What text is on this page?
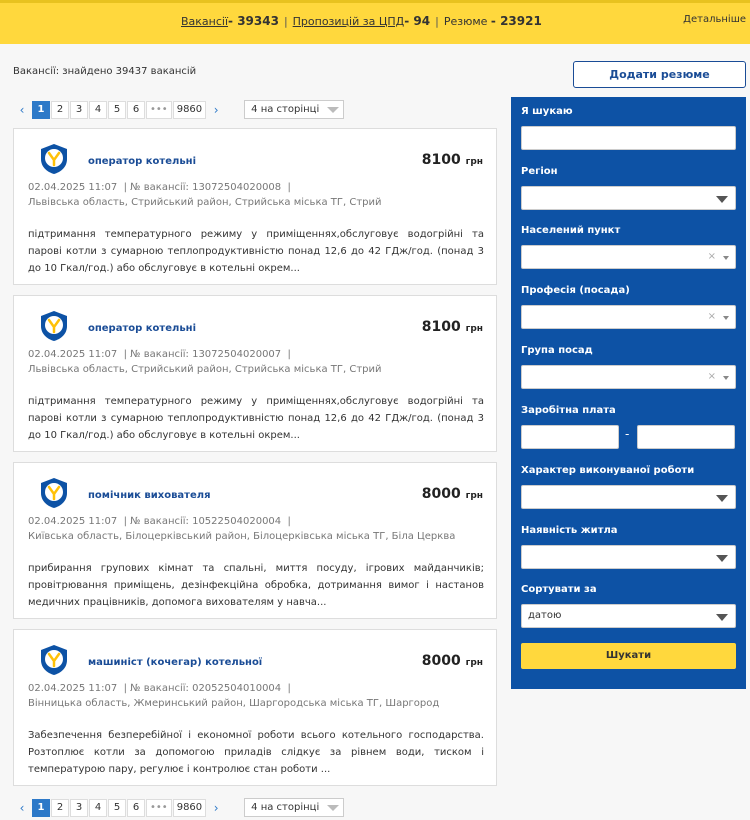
Вакансії- 39343 | Пропозицій за ЦПД- 94 | Резюме - 23921	Детальніше
Вакансії: знайдено 39437 вакансій	Додати резюме
‹	1	2	3	4	5	6	••• 9860 ›	4 на сторінці
оператор котельні	8100 грн
02.04.2025 11:07  | № вакансії: 13072504020008  |
Львівська область, Стрийський район, Стрийська міська ТГ, Стрий
підтримання температурного режиму у приміщеннях,обслуговує водогрійні та парові котли з сумарною теплопродуктивністю понад 12,6 до 42 ГДж/год. (понад 3 до 10 Гкал/год.) або обслуговує в котельні окрем...
оператор котельні	8100 грн
02.04.2025 11:07  | № вакансії: 13072504020007  |
Львівська область, Стрийський район, Стрийська міська ТГ, Стрий
підтримання температурного режиму у приміщеннях,обслуговує водогрійні та парові котли з сумарною теплопродуктивністю понад 12,6 до 42 ГДж/год. (понад 3 до 10 Гкал/год.) або обслуговує в котельні окрем...
помічник вихователя	8000 грн
02.04.2025 11:07  | № вакансії: 10522504020004  |
Київська область, Білоцерківський район, Білоцерківська міська ТГ, Біла Церква
прибирання групових кімнат та спальні, миття посуду, ігрових майданчиків; провітрювання приміщень, дезінфекційна обробка, дотримання вимог і настанов медичних працівників, допомога вихователям у навча...
машиніст (кочегар) котельної	8000 грн
02.04.2025 11:07  | № вакансії: 02052504010004  |
Вінницька область, Жмеринський район, Шаргородська міська ТГ, Шаргород
Забезпечення безперебійної і економної роботи всього котельного господарства. Розтоплює котли за допомогою приладів слідкує за рівнем води, тиском і температурою пару, регулює і контролює стан роботи ...
‹	1	2	3	4	5	6	••• 9860 ›	4 на сторінці
Я шукаю
Регіон
Населений пункт
×
Професія (посада)
×
Група посад
×
Заробітна плата
-
Характер виконуваної роботи
Наявність житла
Сортувати за
датою
Шукати
